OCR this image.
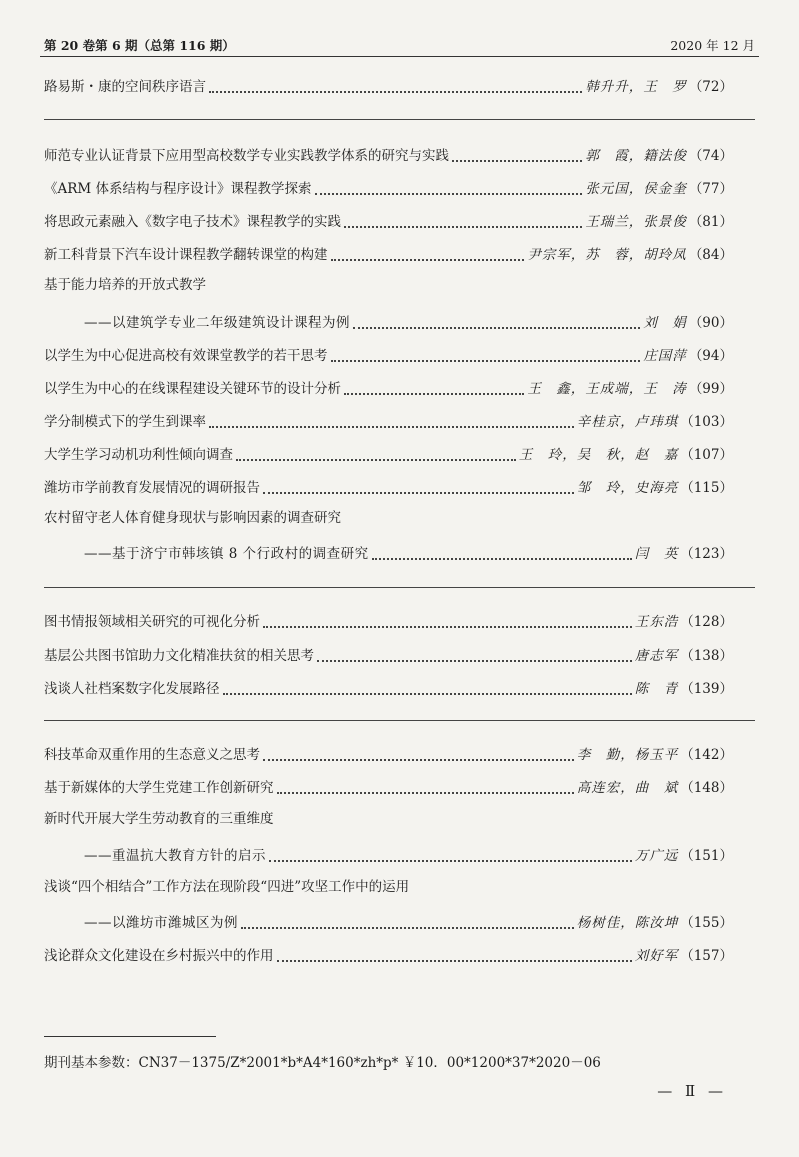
第 20 卷第 6 期（总第 116 期）	2020 年 12 月
路易斯・康的空间秩序语言	韩升升，王　罗 （72）
师范专业认证背景下应用型高校数学专业实践教学体系的研究与实践	郭　霞，籍法俊 （74）
《ARM 体系结构与程序设计》课程教学探索	张元国，侯金奎 （77）
将思政元素融入《数字电子技术》课程教学的实践	王瑞兰，张景俊 （81）
新工科背景下汽车设计课程教学翻转课堂的构建	尹宗军，苏　蓉，胡玲凤 （84）
基于能力培养的开放式教学
——以建筑学专业二年级建筑设计课程为例	刘　娟 （90）
以学生为中心促进高校有效课堂教学的若干思考	庄国萍 （94）
以学生为中心的在线课程建设关键环节的设计分析	王　鑫，王成端，王　涛 （99）
学分制模式下的学生到课率	辛桂京，卢玮琪 （103）
大学生学习动机功利性倾向调查	王　玲，吴　秋，赵　嘉 （107）
潍坊市学前教育发展情况的调研报告	邹　玲，史海亮 （115）
农村留守老人体育健身现状与影响因素的调查研究
——基于济宁市韩垓镇 8 个行政村的调查研究	闫　英 （123）
图书情报领域相关研究的可视化分析	王东浩 （128）
基层公共图书馆助力文化精准扶贫的相关思考	唐志军 （138）
浅谈人社档案数字化发展路径	陈　青 （139）
科技革命双重作用的生态意义之思考	李　勤，杨玉平 （142）
基于新媒体的大学生党建工作创新研究	高连宏，曲　斌 （148）
新时代开展大学生劳动教育的三重维度
——重温抗大教育方针的启示	万广远 （151）
浅谈“四个相结合”工作方法在现阶段“四进”攻坚工作中的运用
——以潍坊市潍城区为例	杨树佳，陈汝坤 （155）
浅论群众文化建设在乡村振兴中的作用	刘好军 （157）
期刊基本参数：CN37－1375/Z*2001*b*A4*160*zh*p* ￥10．00*1200*37*2020－06
— Ⅱ —
